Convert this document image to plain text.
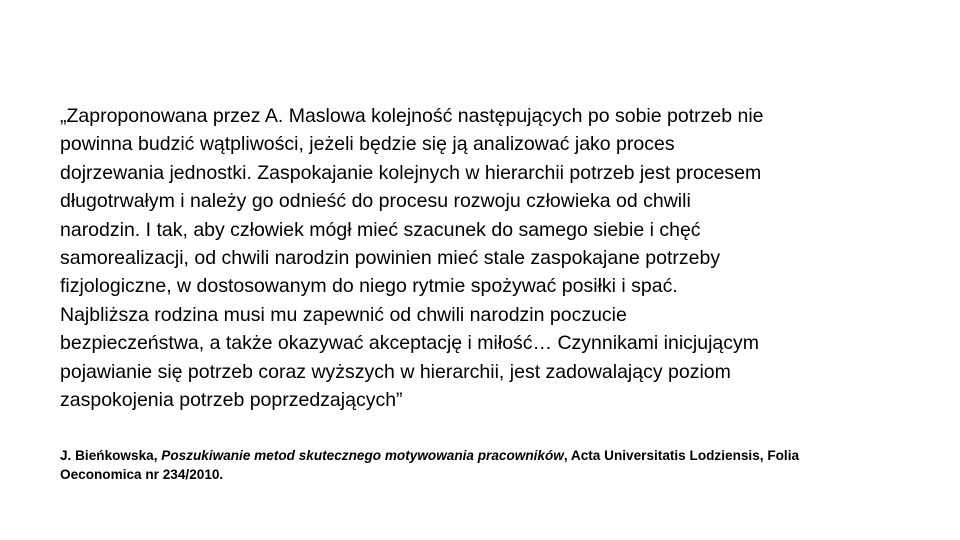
„Zaproponowana przez A. Maslowa kolejność następujących po sobie potrzeb nie
powinna budzić wątpliwości, jeżeli będzie się ją analizować jako proces
dojrzewania jednostki. Zaspokajanie kolejnych w hierarchii potrzeb jest procesem
długotrwałym i należy go odnieść do procesu rozwoju człowieka od chwili
narodzin. I tak, aby człowiek mógł mieć szacunek do samego siebie i chęć
samorealizacji, od chwili narodzin powinien mieć stale zaspokajane potrzeby
fizjologiczne, w dostosowanym do niego rytmie spożywać posiłki i spać.
Najbliższa rodzina musi mu zapewnić od chwili narodzin poczucie
bezpieczeństwa, a także okazywać akceptację i miłość… Czynnikami inicjującym
pojawianie się potrzeb coraz wyższych w hierarchii, jest zadowalający poziom
zaspokojenia potrzeb poprzedzających”

J. Bieńkowska, Poszukiwanie metod skutecznego motywowania pracowników, Acta Universitatis Lodziensis, Folia
Oeconomica nr 234/2010.
